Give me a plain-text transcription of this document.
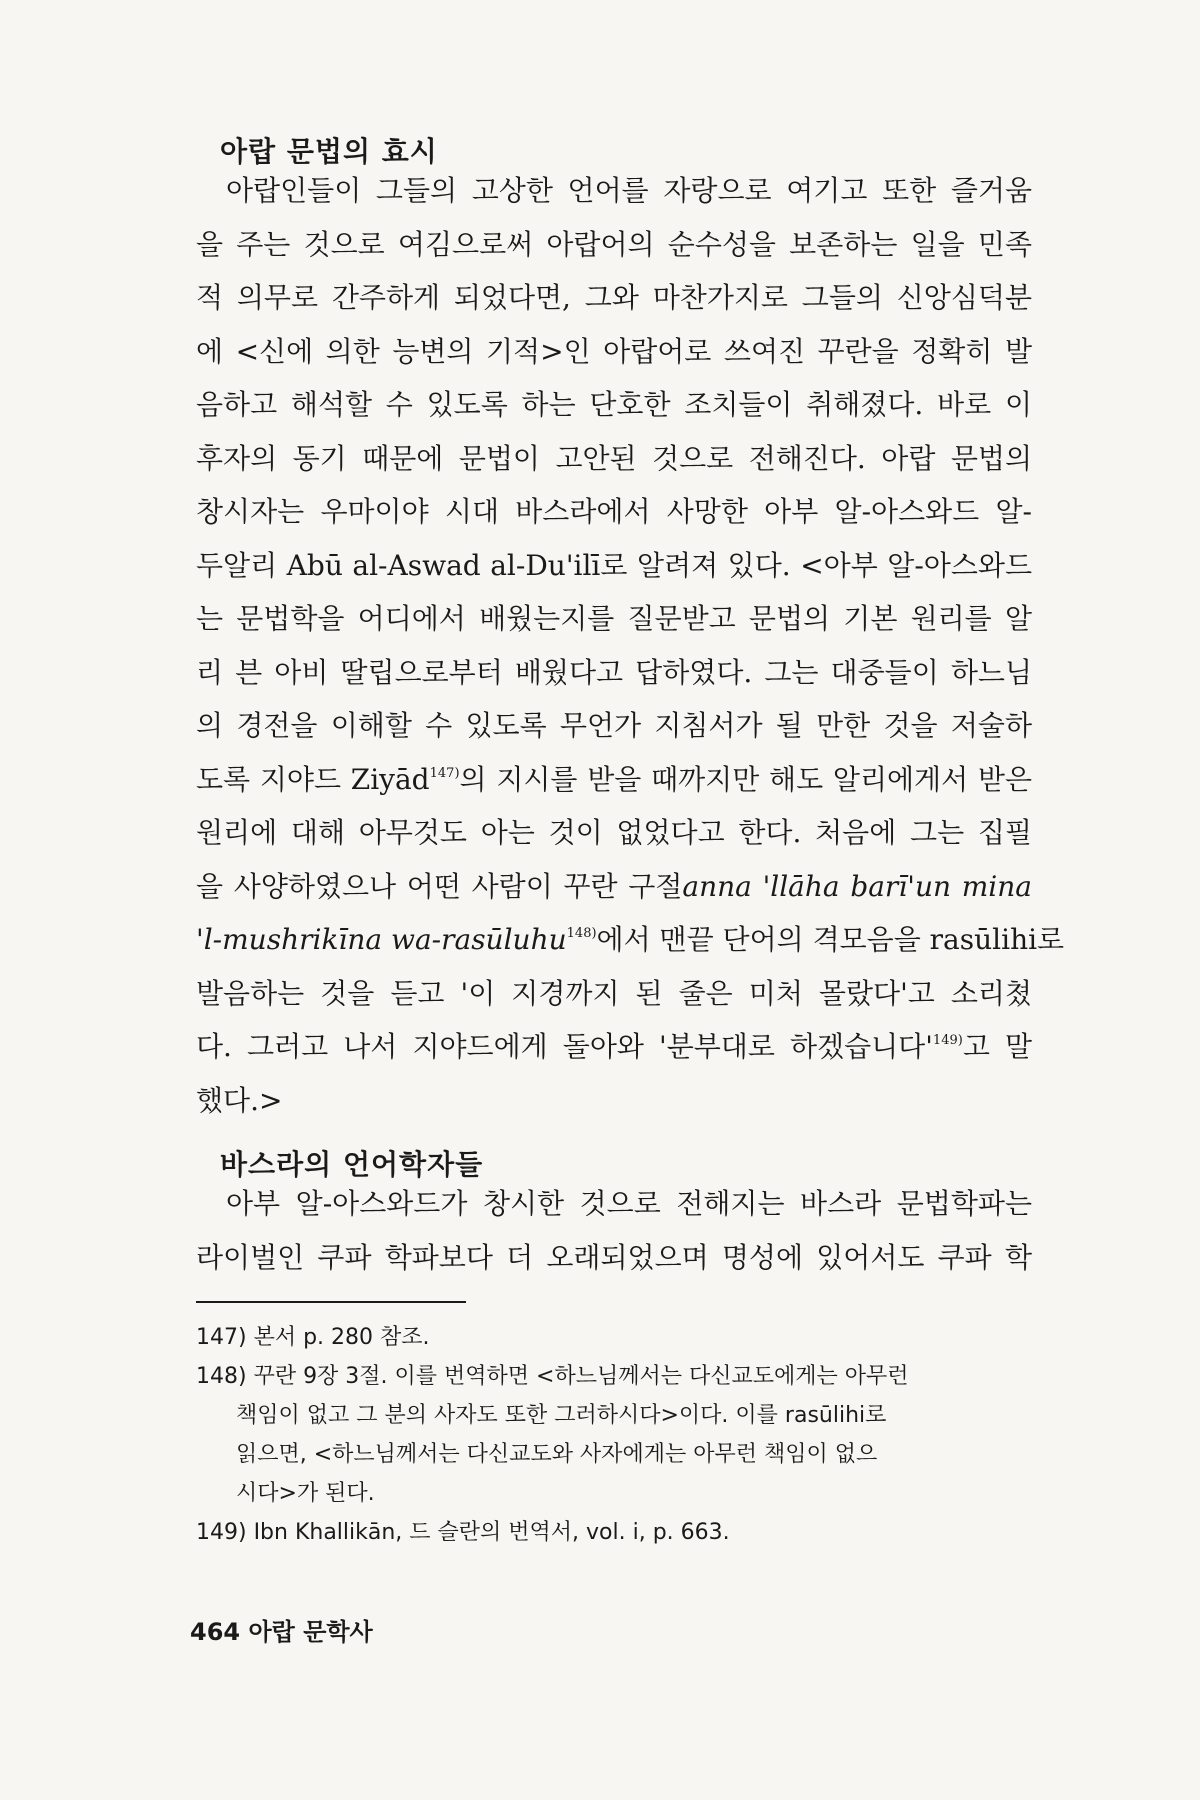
아랍 문법의 효시
아랍인들이 그들의 고상한 언어를 자랑으로 여기고 또한 즐거움
을 주는 것으로 여김으로써 아랍어의 순수성을 보존하는 일을 민족
적 의무로 간주하게 되었다면, 그와 마찬가지로 그들의 신앙심덕분
에 <신에 의한 능변의 기적>인 아랍어로 쓰여진 꾸란을 정확히 발
음하고 해석할 수 있도록 하는 단호한 조치들이 취해졌다. 바로 이
후자의 동기 때문에 문법이 고안된 것으로 전해진다. 아랍 문법의
창시자는 우마이야 시대 바스라에서 사망한 아부 알-아스와드 알-
두알리 Abū al-Aswad al-Du'ilī로 알려져 있다. <아부 알-아스와드
는 문법학을 어디에서 배웠는지를 질문받고 문법의 기본 원리를 알
리 븐 아비 딸립으로부터 배웠다고 답하였다. 그는 대중들이 하느님
의 경전을 이해할 수 있도록 무언가 지침서가 될 만한 것을 저술하
도록 지야드 Ziyād$^{147)}$의 지시를 받을 때까지만 해도 알리에게서 받은
원리에 대해 아무것도 아는 것이 없었다고 한다. 처음에 그는 집필
을 사양하였으나 어떤 사람이 꾸란 구절anna 'llāha barī'un mina
'l-mushrikīna wa-rasūluhu$^{148)}$에서 맨끝 단어의 격모음을 rasūlihi로
발음하는 것을 듣고 '이 지경까지 된 줄은 미처 몰랐다'고 소리쳤
다. 그러고 나서 지야드에게 돌아와 '분부대로 하겠습니다'$^{149)}$고 말
했다.>
바스라의 언어학자들
아부 알-아스와드가 창시한 것으로 전해지는 바스라 문법학파는
라이벌인 쿠파 학파보다 더 오래되었으며 명성에 있어서도 쿠파 학
147) 본서 p. 280 참조.
148) 꾸란 9장 3절. 이를 번역하면 <하느님께서는 다신교도에게는 아무런
책임이 없고 그 분의 사자도 또한 그러하시다>이다. 이를 rasūlihi로
읽으면, <하느님께서는 다신교도와 사자에게는 아무런 책임이 없으
시다>가 된다.
149) Ibn Khallikān, 드 슬란의 번역서, vol. i, p. 663.
464 아랍 문학사
